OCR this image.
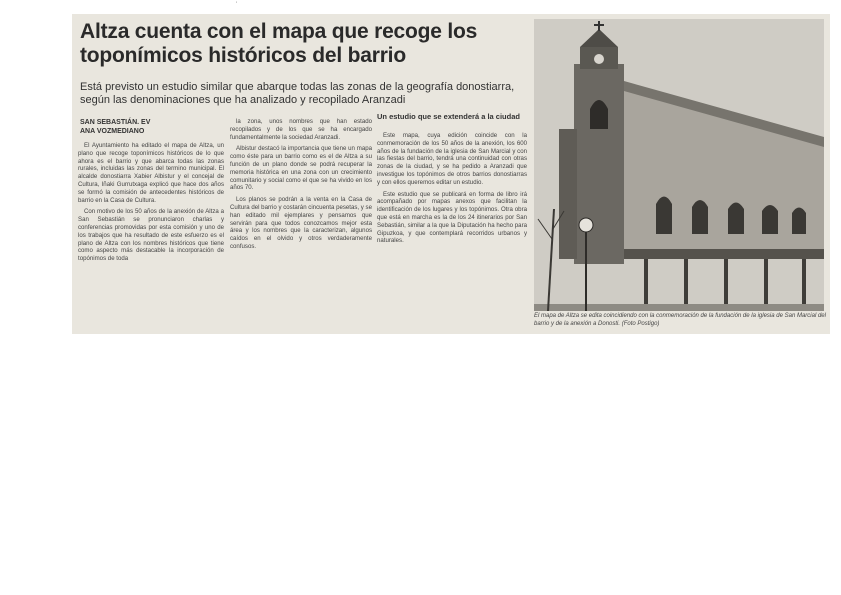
'
Altza cuenta con el mapa que recoge los toponímicos históricos del barrio

Está previsto un estudio similar que abarque todas las zonas de la geografía donostiarra, según las denominaciones que ha analizado y recopilado Aranzadi

SAN SEBASTIÁN. EV
ANA VOZMEDIANO

El Ayuntamiento ha editado el mapa de Altza, un plano que recoge toponímicos históricos de lo que ahora es el barrio y que abarca todas las zonas rurales, incluidas las zonas del termino municipal. El alcalde donostiarra Xabier Albistur y el concejal de Cultura, Iñaki Gurrutxaga explicó que hace dos años se formó la comisión de antecedentes históricos de barrio en la Casa de Cultura.

Con motivo de los 50 años de la anexión de Altza a San Sebastián se pronunciaron charlas y conferencias promovidas por esta comisión y uno de los trabajos que ha resultado de este esfuerzo es el plano de Altza con los nombres históricos que tiene como aspecto más destacable la incorporación de topónimos de toda

la zona, unos nombres que han estado recopilados y de los que se ha encargado fundamentalmente la sociedad Aranzadi.

Albistur destacó la importancia que tiene un mapa como éste para un barrio como es el de Altza a su función de un plano donde se podrá recuperar la memoria histórica en una zona con un crecimiento comunitario y social como el que se ha vivido en los años 70.

Los planos se podrán a la venta en la Casa de Cultura del barrio y costarán cincuenta pesetas, y se han editado mil ejemplares y pensamos que servirán para que todos conozcamos mejor esta área y los nombres que la caracterizan, algunos caídos en el olvido y otros verdaderamente confusos.

Un estudio que se extenderá a la ciudad

Este mapa, cuya edición coincide con la conmemoración de los 50 años de la anexión, los 600 años de la fundación de la iglesia de San Marcial y con las fiestas del barrio, tendrá una continuidad con otras zonas de la ciudad, y se ha pedido a Aranzadi que investigue los topónimos de otros barrios donostiarras y con ellos queremos editar un estudio.

Este estudio que se publicará en forma de libro irá acompañado por mapas anexos que facilitan la identificación de los lugares y los topónimos. Otra obra que está en marcha es la de los 24 itinerarios por San Sebastián, similar a la que la Diputación ha hecho para Gipuzkoa, y que contemplará recorridos urbanos y naturales.

El mapa de Altza se edita coincidiendo con la conmemoración de la fundación de la iglesia de San Marcial del barrio y de la anexión a Donosti. (Foto Postigo)
